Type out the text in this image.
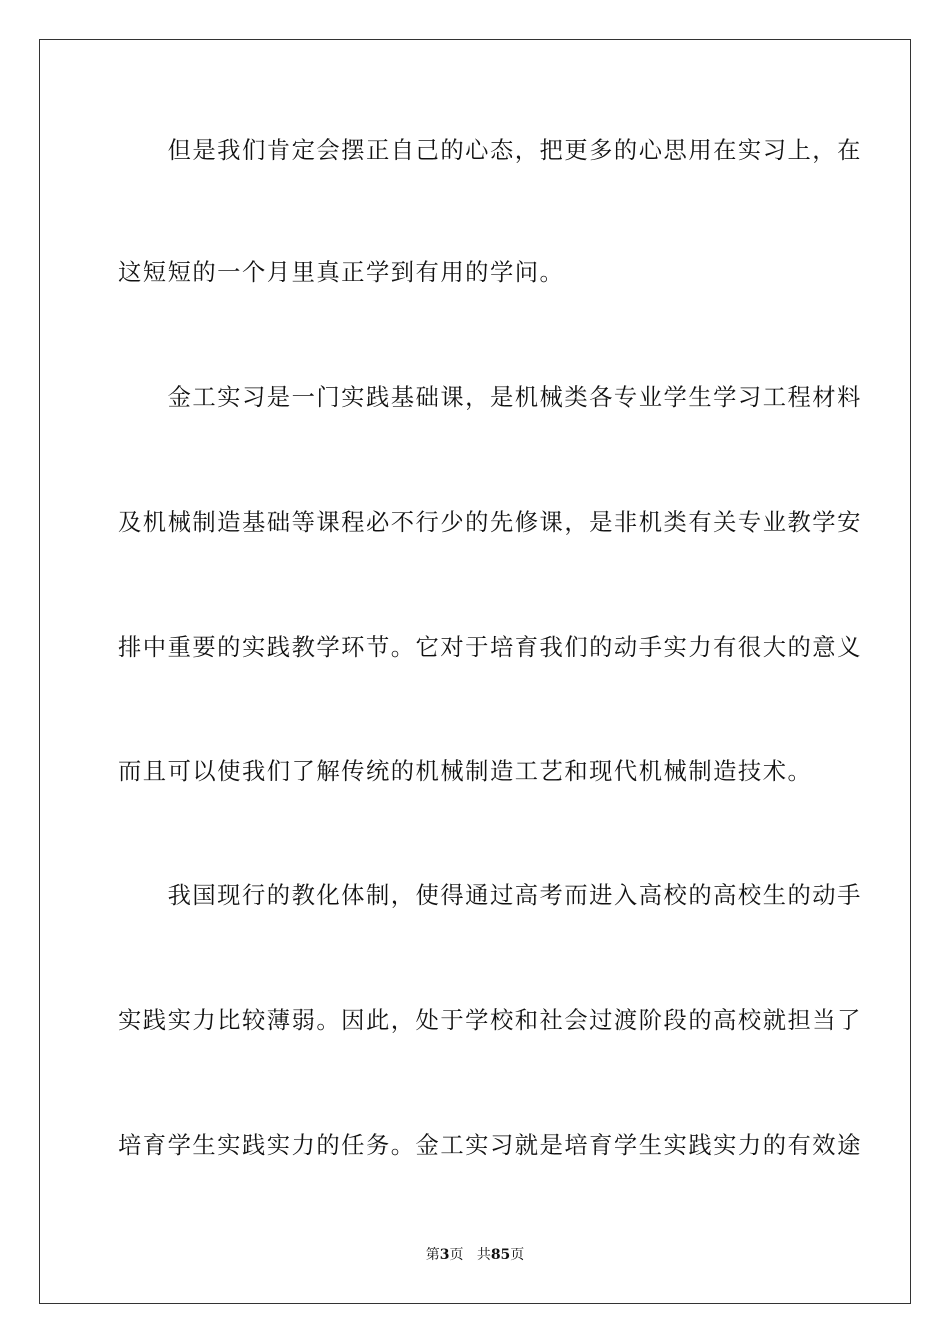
　　但是我们肯定会摆正自己的心态，把更多的心思用在实习上，在
这短短的一个月里真正学到有用的学问。
　　金工实习是一门实践基础课，是机械类各专业学生学习工程材料
及机械制造基础等课程必不行少的先修课，是非机类有关专业教学安
排中重要的实践教学环节。它对于培育我们的动手实力有很大的意义
而且可以使我们了解传统的机械制造工艺和现代机械制造技术。
　　我国现行的教化体制，使得通过高考而进入高校的高校生的动手
实践实力比较薄弱。因此，处于学校和社会过渡阶段的高校就担当了
培育学生实践实力的任务。金工实习就是培育学生实践实力的有效途
第3页 共85页
